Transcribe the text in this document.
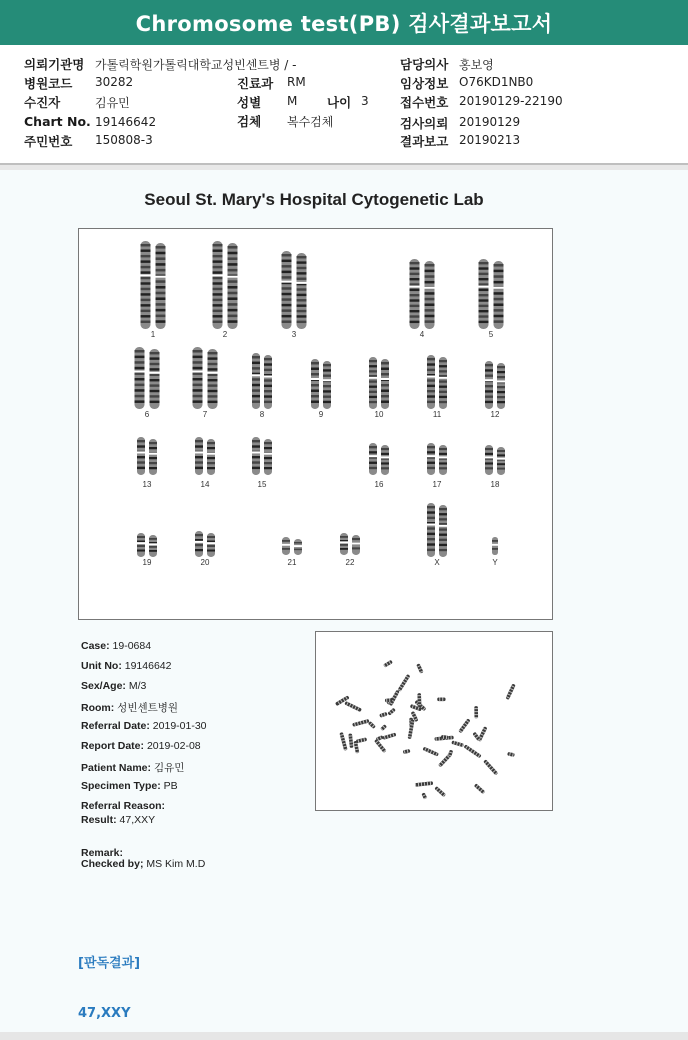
Chromosome test(PB) 검사결과보고서
의뢰기관명 가톨릭학원가톨릭대학교성빈센트병 / -	담당의사 홍보영
병원코드 30282	진료과 RM	임상정보 O76KD1NB0
수진자	김유민	성별 M 나이 3	접수번호 20190129-22190
Chart No. 19146642	검체 복수검체	검사의뢰 20190129
주민번호 150808-3	결과보고 20190213
Seoul St. Mary's Hospital Cytogenetic Lab
1	2	3	4	5
6	7	8	9	10	11	12
13	14	15	16	17	18
19	20	21	22	X	Y
Case: 19-0684
Unit No: 19146642
Sex/Age: M/3
Room: 성빈센트병원
Referral Date: 2019-01-30
Report Date: 2019-02-08
Patient Name: 김유민
Specimen Type: PB
Referral Reason:
Result: 47,XXY
Remark:
Checked by; MS Kim M.D
[판독결과]
47,XXY
